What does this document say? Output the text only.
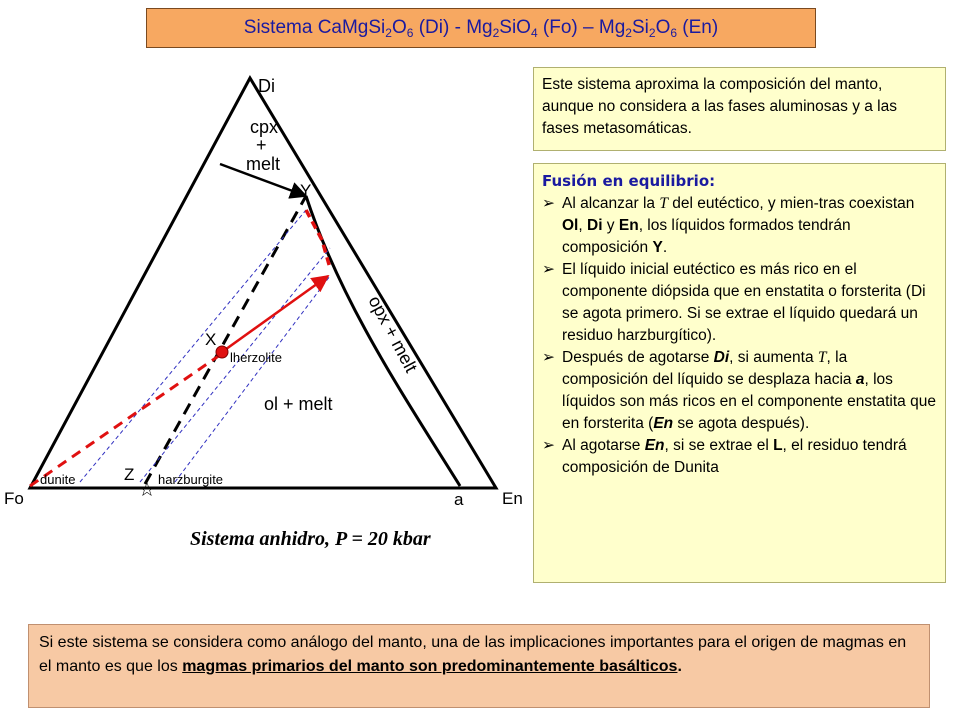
Sistema $CaMgSi_2O_6$ $(Di) - Mg_2SiO_4$ $(Fo) - Mg_2Si_2O_6$ (En)
☆
Di
Fo	En
cpx
+
melt
opx + melt
ol + melt
Y
X
Z
a
lherzolite
harzburgite
dunite
Sistema anhidro, P = 20 kbar
Este sistema aproxima la composición del manto, aunque no considera a las fases aluminosas y a las fases metasomáticas.
Fusión en equilibrio:
➢ Al alcanzar la T del eutéctico, y mien-tras coexistan Ol, Di y En, los líquidos formados tendrán composición Y.
➢ El líquido inicial eutéctico es más rico en el componente diópsida que en enstatita o forsterita (Di se agota primero. Si se extrae el líquido quedará un residuo harzburgítico).
➢ Después de agotarse Di, si aumenta T, la composición del líquido se desplaza hacia a, los líquidos son más ricos en el componente enstatita que en forsterita (En se agota después).
➢ Al agotarse En, si se extrae el L, el residuo tendrá composición de Dunita
Si este sistema se considera como análogo del manto, una de las implicaciones importantes para el origen de magmas en el manto es que los magmas primarios del manto son predominantemente basálticos.
